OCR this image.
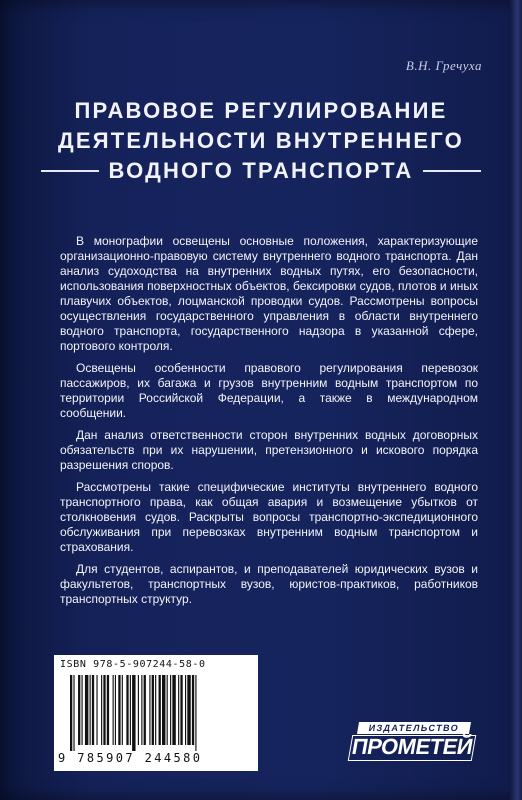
В.Н. Гречуха
ПРАВОВОЕ РЕГУЛИРОВАНИЕ
ДЕЯТЕЛЬНОСТИ ВНУТРЕННЕГО
ВОДНОГО ТРАНСПОРТА

В монографии освещены основные положения, характеризующие организационно-правовую систему внутреннего водного транспорта. Дан анализ судоходства на внутренних водных путях, его безопасности, использования поверхностных объектов, бексировки судов, плотов и иных плавучих объектов, лоцманской проводки судов. Рассмотрены вопросы осуществления государственного управления в области внутреннего водного транспорта, государственного надзора в указанной сфере, портового контроля.

Освещены особенности правового регулирования перевозок пассажиров, их багажа и грузов внутренним водным транспортом по территории Российской Федерации, а также в международном сообщении.

Дан анализ ответственности сторон внутренних водных договорных обязательств при их нарушении, претензионного и искового порядка разрешения споров.

Рассмотрены такие специфические институты внутреннего водного транспортного права, как общая авария и возмещение убытков от столкновения судов. Раскрыты вопросы транспортно-экспедиционного обслуживания при перевозках внутренним водным транспортом и страхования.

Для студентов, аспирантов, и преподавателей юридических вузов и факультетов, транспортных вузов, юристов-практиков, работников транспортных структур.

ISBN 978-5-907244-58-0
9 785907 244580
ИЗДАТЕЛЬСТВО
ПРОМЕТЕЙ
